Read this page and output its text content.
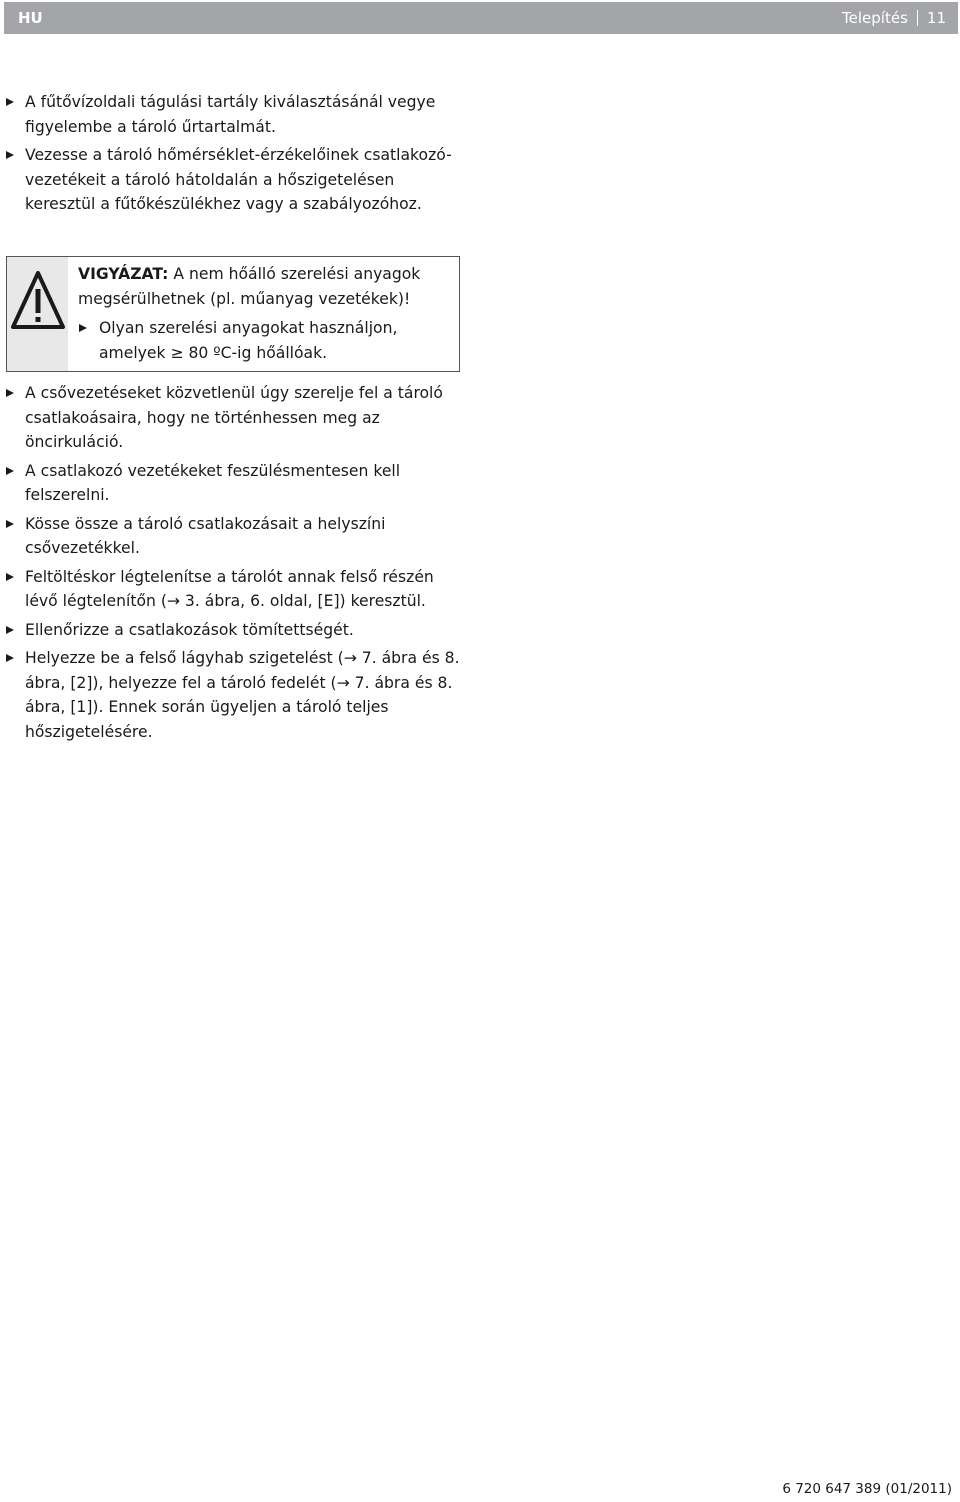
HU	Telepítés 11

A fűtővízoldali tágulási tartály kiválasztásánál vegye figyelembe a tároló űrtartalmát.

Vezesse a tároló hőmérséklet-érzékelőinek csatlakozó-vezetékeit a tároló hátoldalán a hőszigetelésen keresztül a fűtőkészülékhez vagy a szabályozóhoz.

VIGYÁZAT: A nem hőálló szerelési anyagok megsérülhetnek (pl. műanyag vezetékek)!
Olyan szerelési anyagokat használjon, amelyek ≥ 80 ºC-ig hőállóak.

A csővezetéseket közvetlenül úgy szerelje fel a tároló csatlakoásaira, hogy ne történhessen meg az öncirkuláció.

A csatlakozó vezetékeket feszülésmentesen kell felszerelni.

Kösse össze a tároló csatlakozásait a helyszíni csővezetékkel.

Feltöltéskor légtelenítse a tárolót annak felső részén lévő légtelenítőn (→ 3. ábra, 6. oldal, [E]) keresztül.

Ellenőrizze a csatlakozások tömítettségét.

Helyezze be a felső lágyhab szigetelést (→ 7. ábra és 8. ábra, [2]), helyezze fel a tároló fedelét (→ 7. ábra és 8. ábra, [1]). Ennek során ügyeljen a tároló teljes hőszigetelésére.

6 720 647 389 (01/2011)
